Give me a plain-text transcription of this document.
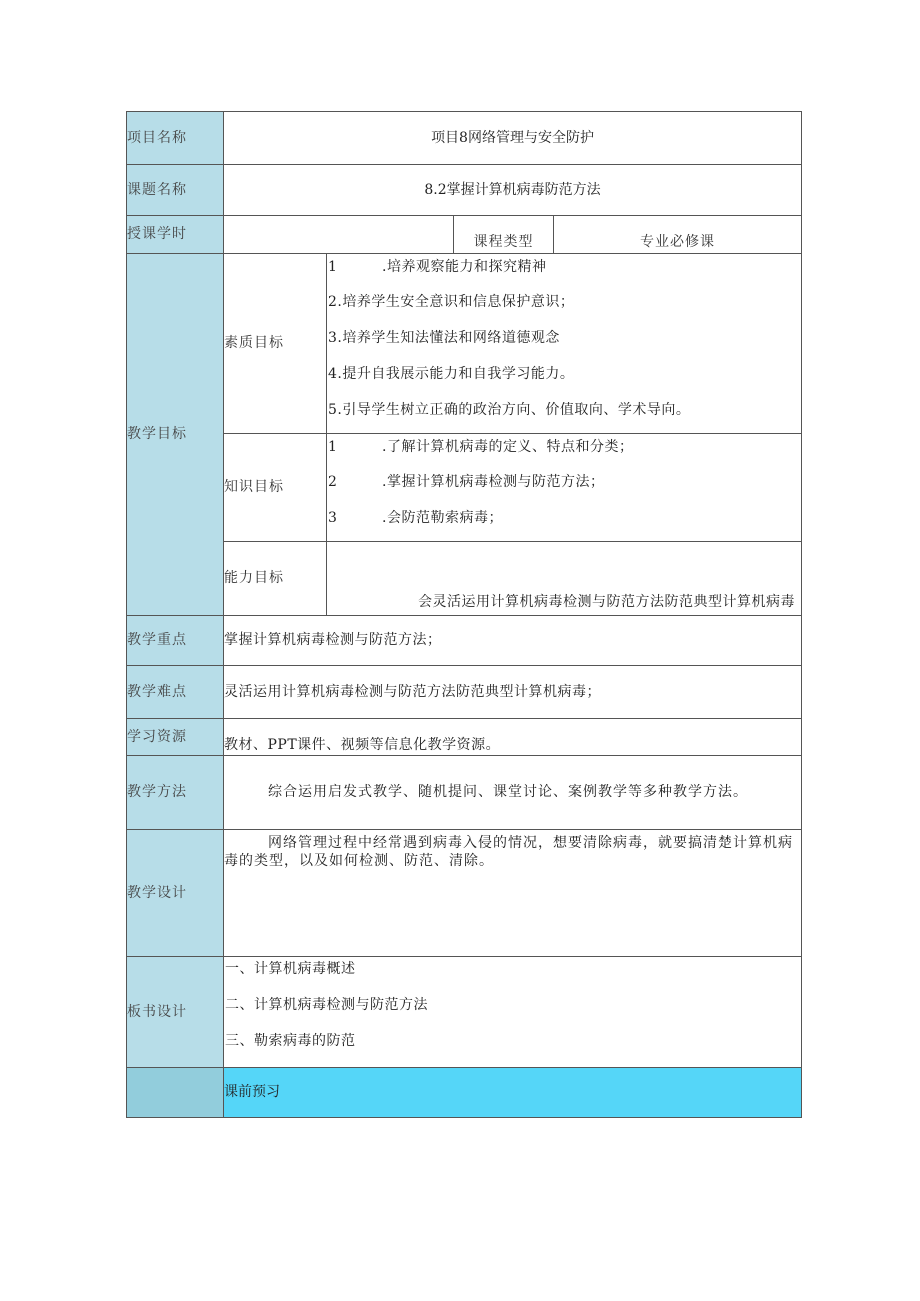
项目名称	项目8网络管理与安全防护			
课题名称	8.2掌握计算机病毒防范方法			
授课学时			课程类型	专业必修课
教学目标	素质目标	1 .培养观察能力和探究精神
2.培养学生安全意识和信息保护意识；
3.培养学生知法懂法和网络道德观念
4.提升自我展示能力和自我学习能力。
5.引导学生树立正确的政治方向、价值取向、学术导向。		

	知识目标	1 .了解计算机病毒的定义、特点和分类；
2 .掌握计算机病毒检测与防范方法；
3 .会防范勒索病毒；		

	能力目标	会灵活运用计算机病毒检测与防范方法防范典型计算机病毒		
教学重点	掌握计算机病毒检测与防范方法；			
教学难点	灵活运用计算机病毒检测与防范方法防范典型计算机病毒；			
学习资源	教材、PPT课件、视频等信息化教学资源。			
教学方法	综合运用启发式教学、随机提问、课堂讨论、案例教学等多种教学方法。			
教学设计	网络管理过程中经常遇到病毒入侵的情况，想要清除病毒，就要搞清楚计算机病毒的类型，以及如何检测、防范、清除。			
板书设计	一、计算机病毒概述
二、计算机病毒检测与防范方法
三、勒索病毒的防范			

	课前预习			
